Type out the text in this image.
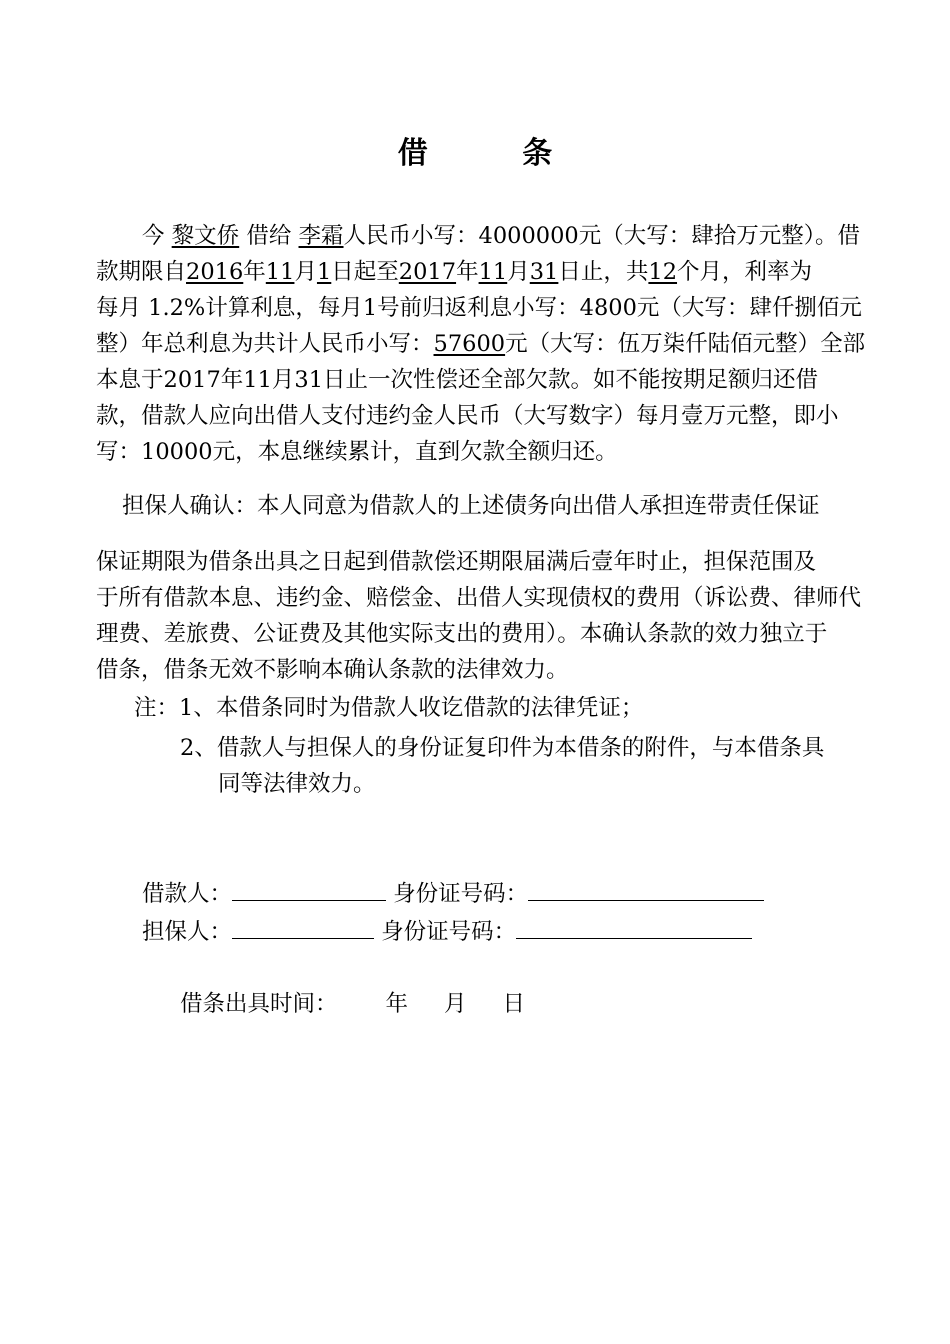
借 条
今 黎文侨 借给 李霜人民币小写：4000000元（大写：肆拾万元整）。借
款期限自2016年11月1日起至2017年11月31日止，共12个月，利率为
每月 1.2%计算利息，每月1号前归返利息小写：4800元（大写：肆仟捌佰元
整）年总利息为共计人民币小写：57600元（大写：伍万柒仟陆佰元整）全部
本息于2017年11月31日止一次性偿还全部欠款。如不能按期足额归还借
款，借款人应向出借人支付违约金人民币（大写数字）每月壹万元整，即小
写：10000元，本息继续累计，直到欠款全额归还。
担保人确认：本人同意为借款人的上述债务向出借人承担连带责任保证
保证期限为借条出具之日起到借款偿还期限届满后壹年时止，担保范围及
于所有借款本息、违约金、赔偿金、出借人实现债权的费用（诉讼费、律师代
理费、差旅费、公证费及其他实际支出的费用）。本确认条款的效力独立于
借条，借条无效不影响本确认条款的法律效力。
注：1、本借条同时为借款人收讫借款的法律凭证；
2、借款人与担保人的身份证复印件为本借条的附件，与本借条具
同等法律效力。
借款人：	身份证号码：
担保人：	身份证号码：
借条出具时间： 年 月 日
